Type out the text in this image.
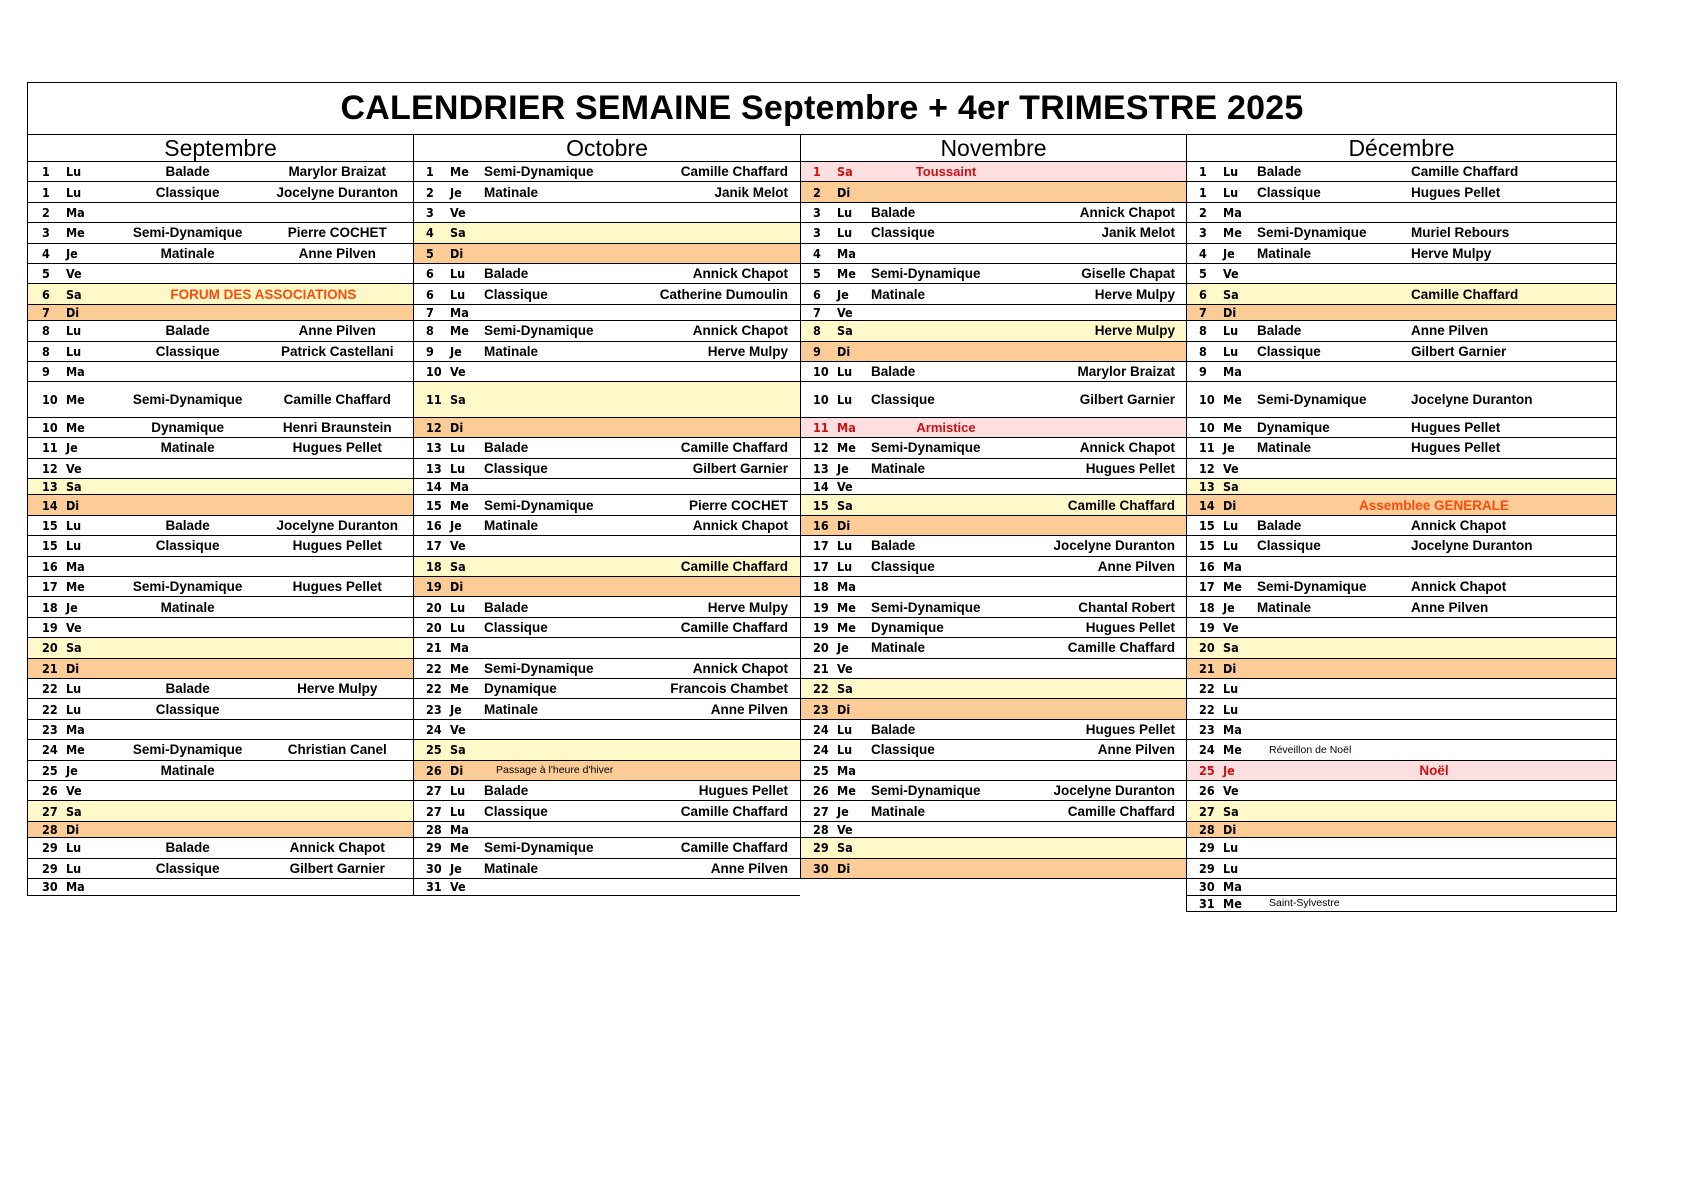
CALENDRIER SEMAINE Septembre + 4er TRIMESTRE 2025
Septembre
1	Lu	Balade	Marylor Braizat
1	Lu	Classique	Jocelyne Duranton
2	Ma
3	Me	Semi-Dynamique	Pierre COCHET
4	Je	Matinale	Anne Pilven
5	Ve
6	Sa	FORUM DES ASSOCIATIONS
7	Di
8	Lu	Balade	Anne Pilven
8	Lu	Classique	Patrick Castellani
9	Ma
10 Me	Semi-Dynamique	Camille Chaffard
10 Me	Dynamique	Henri Braunstein
11 Je	Matinale	Hugues Pellet
12 Ve
13 Sa
14 Di
15 Lu	Balade	Jocelyne Duranton
15 Lu	Classique	Hugues Pellet
16 Ma
17 Me	Semi-Dynamique	Hugues Pellet
18 Je	Matinale
19 Ve
20 Sa
21 Di
22 Lu	Balade	Herve Mulpy
22 Lu	Classique
23 Ma
24 Me	Semi-Dynamique	Christian Canel
25 Je	Matinale
26 Ve
27 Sa
28 Di
29 Lu	Balade	Annick Chapot
29 Lu	Classique	Gilbert Garnier
30 Ma
Octobre
1	Me	Semi-Dynamique	Camille Chaffard
2	Je	Matinale	Janik Melot
3	Ve
4	Sa
5	Di
6	Lu	Balade	Annick Chapot
6	Lu	Classique	Catherine Dumoulin
7	Ma
8	Me	Semi-Dynamique	Annick Chapot
9	Je	Matinale	Herve Mulpy
10 Ve
11 Sa
12 Di
13 Lu	Balade	Camille Chaffard
13 Lu	Classique	Gilbert Garnier
14 Ma
15 Me	Semi-Dynamique	Pierre COCHET
16 Je	Matinale	Annick Chapot
17 Ve
18 Sa	Camille Chaffard
19 Di
20 Lu	Balade	Herve Mulpy
20 Lu	Classique	Camille Chaffard
21 Ma
22 Me	Semi-Dynamique	Annick Chapot
22 Me	Dynamique	Francois Chambet
23 Je	Matinale	Anne Pilven
24 Ve
25 Sa
26 Di	Passage à l'heure d'hiver
27 Lu	Balade	Hugues Pellet
27 Lu	Classique	Camille Chaffard
28 Ma
29 Me	Semi-Dynamique	Camille Chaffard
30 Je	Matinale	Anne Pilven
31 Ve
Novembre
1	Sa	Toussaint
2	Di
3	Lu	Balade	Annick Chapot
3	Lu	Classique	Janik Melot
4	Ma
5	Me	Semi-Dynamique	Giselle Chapat
6	Je	Matinale	Herve Mulpy
7	Ve
8	Sa	Herve Mulpy
9	Di
10 Lu	Balade	Marylor Braizat
10 Lu	Classique	Gilbert Garnier
11 Ma	Armistice
12 Me	Semi-Dynamique	Annick Chapot
13 Je	Matinale	Hugues Pellet
14 Ve
15 Sa	Camille Chaffard
16 Di
17 Lu	Balade	Jocelyne Duranton
17 Lu	Classique	Anne Pilven
18 Ma
19 Me	Semi-Dynamique	Chantal Robert
19 Me	Dynamique	Hugues Pellet
20 Je	Matinale	Camille Chaffard
21 Ve
22 Sa
23 Di
24 Lu	Balade	Hugues Pellet
24 Lu	Classique	Anne Pilven
25 Ma
26 Me	Semi-Dynamique	Jocelyne Duranton
27 Je	Matinale	Camille Chaffard
28 Ve
29 Sa
30 Di
Décembre
1	Lu	Balade	Camille Chaffard
1	Lu	Classique	Hugues Pellet
2	Ma
3	Me	Semi-Dynamique	Muriel Rebours
4	Je	Matinale	Herve Mulpy
5	Ve
6	Sa	Camille Chaffard
7	Di
8	Lu	Balade	Anne Pilven
8	Lu	Classique	Gilbert Garnier
9	Ma
10 Me	Semi-Dynamique	Jocelyne Duranton
10 Me	Dynamique	Hugues Pellet
11 Je	Matinale	Hugues Pellet
12 Ve
13 Sa
14 Di	Assemblee GENERALE
15 Lu	Balade	Annick Chapot
15 Lu	Classique	Jocelyne Duranton
16 Ma
17 Me	Semi-Dynamique	Annick Chapot
18 Je	Matinale	Anne Pilven
19 Ve
20 Sa
21 Di
22 Lu
22 Lu
23 Ma
24 Me	Réveillon de Noël
25 Je	Noël
26 Ve
27 Sa
28 Di
29 Lu
29 Lu
30 Ma
31 Me	Saint-Sylvestre
